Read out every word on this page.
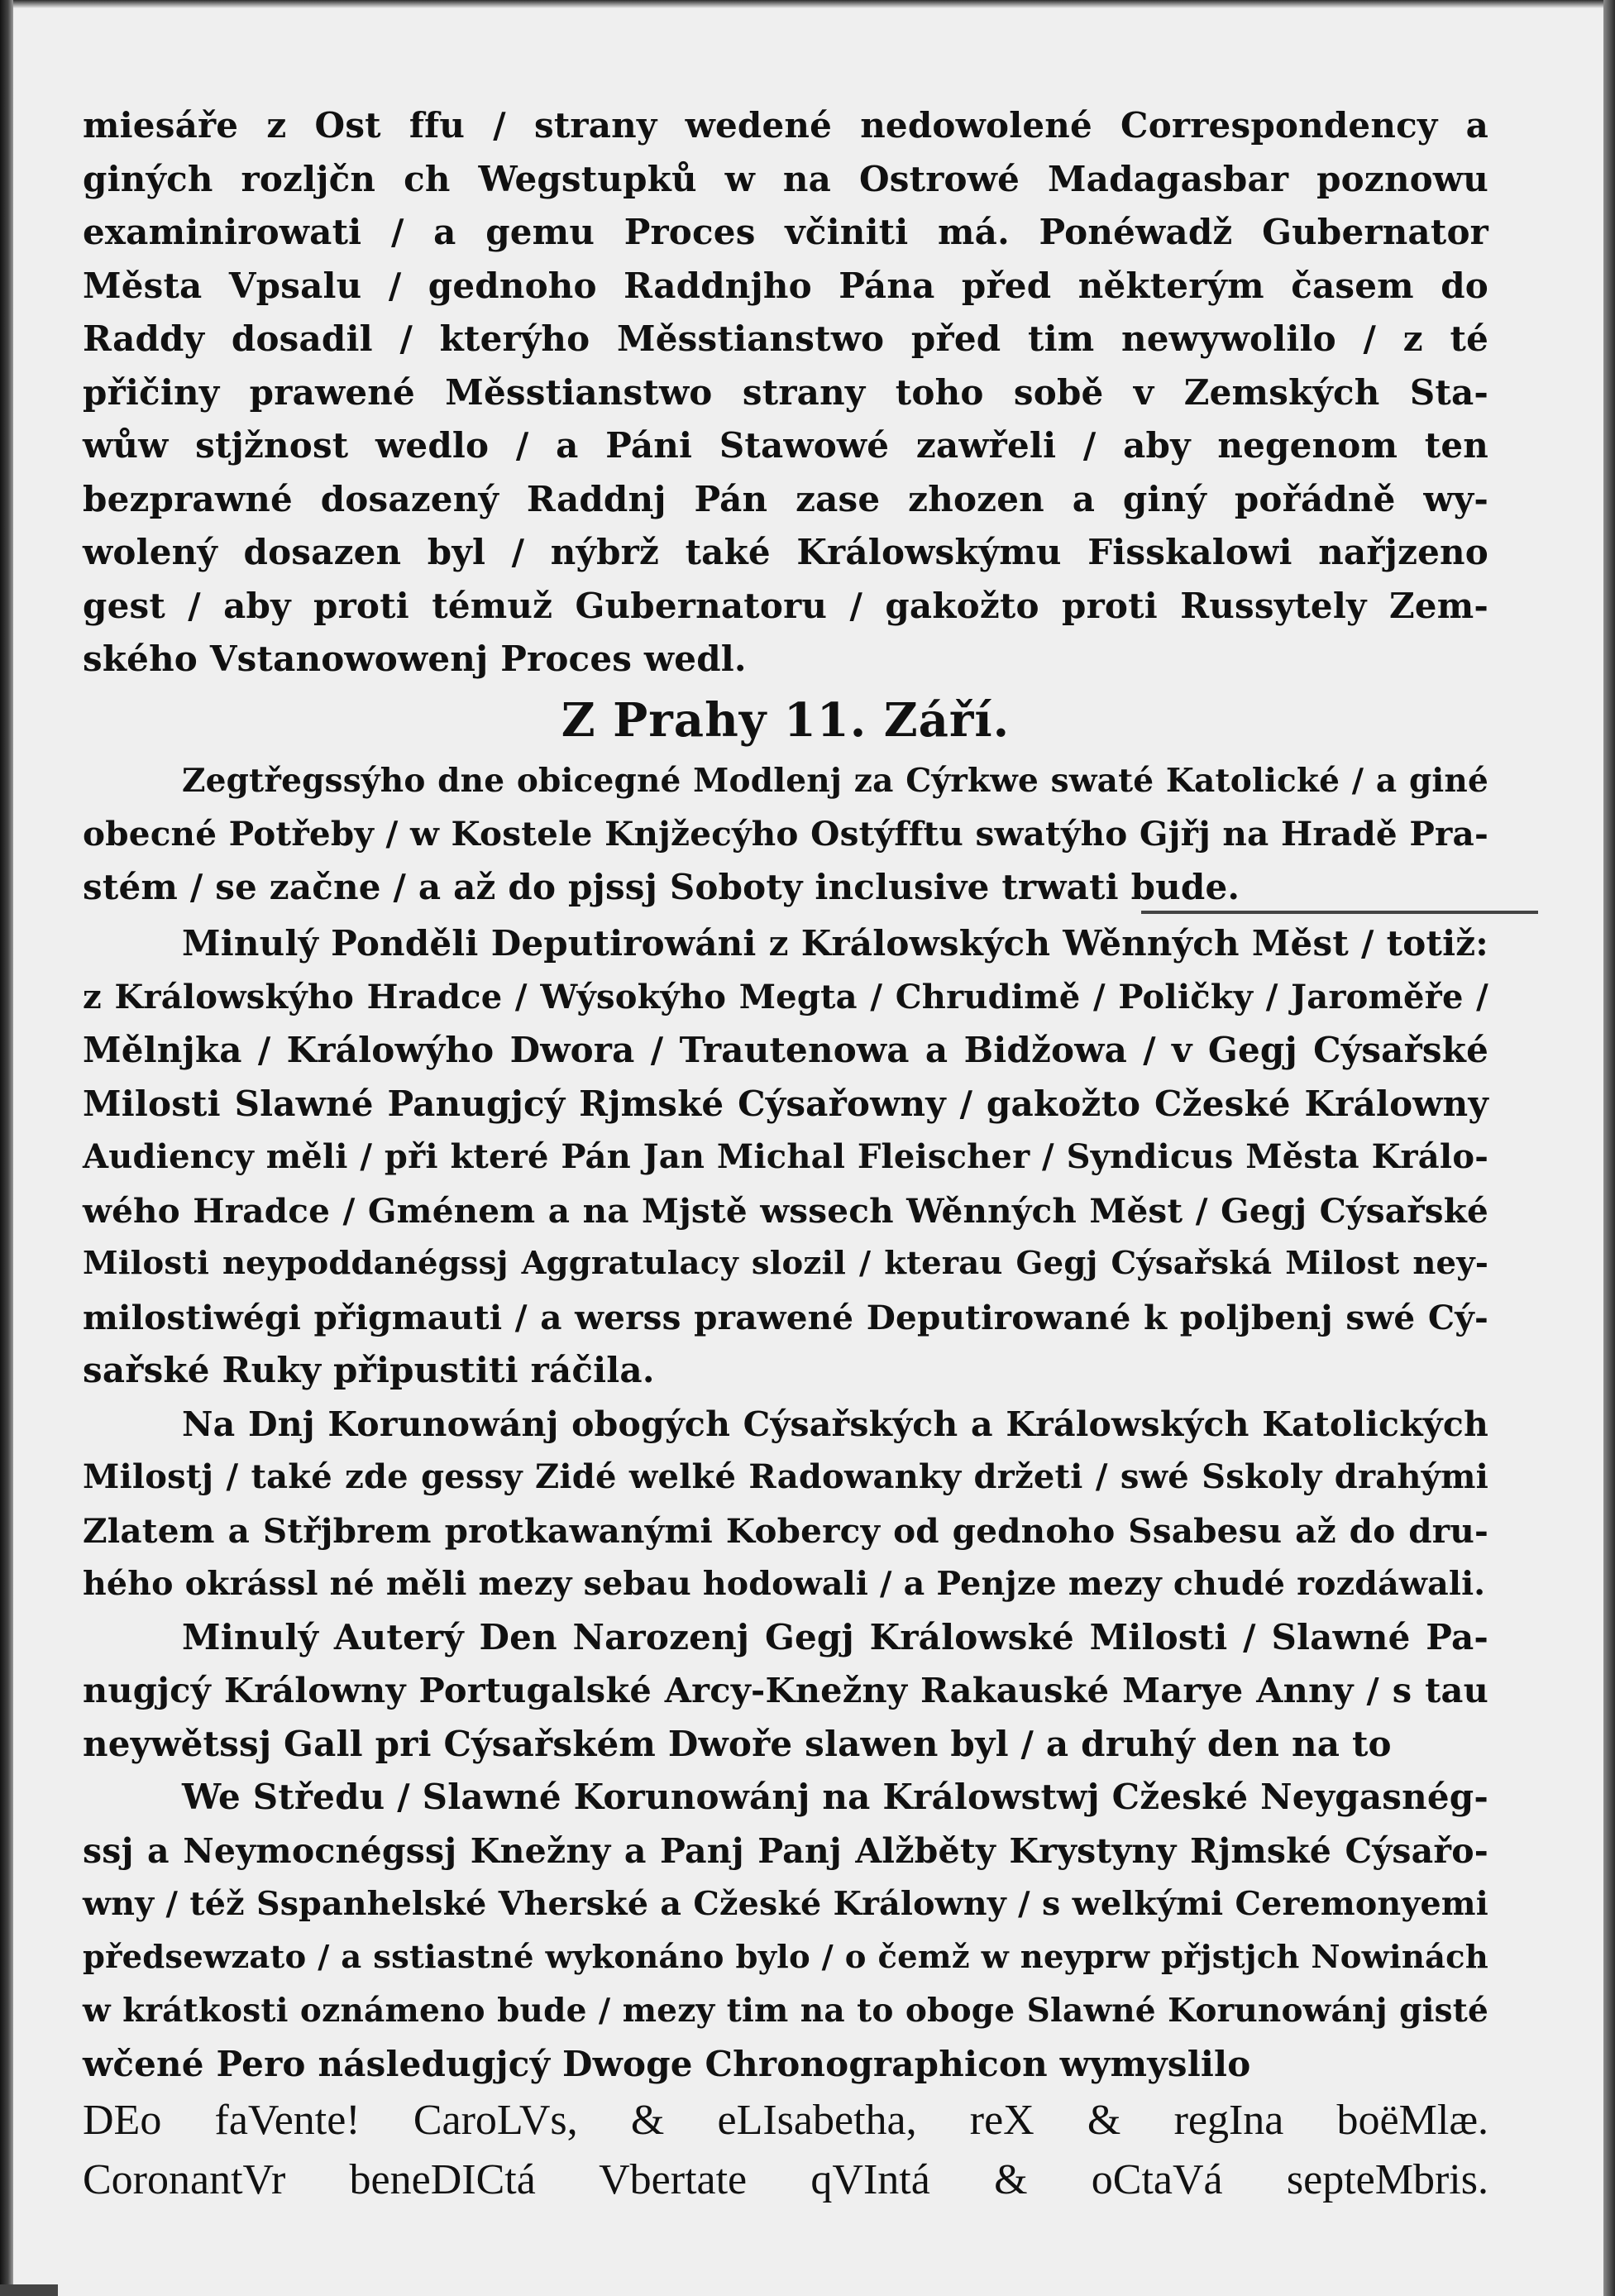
miesáře z Ost ffu / strany wedené nedowolené Correspondency a
giných rozljčn ch Wegstupků w na Ostrowé Madagasbar poznowu
examinirowati / a gemu Proces včiniti má. Ponéwadž Gubernator
Města Vpsalu / gednoho Raddnjho Pána před některým časem do
Raddy dosadil / kterýho Měsstianstwo před tim newywolilo / z té
přičiny prawené Měsstianstwo strany toho sobě v Zemských Sta-
wůw stjžnost wedlo / a Páni Stawowé zawřeli / aby negenom ten
bezprawné dosazený Raddnj Pán zase zhozen a giný pořádně wy-
wolený dosazen byl / nýbrž také Králowskýmu Fisskalowi nařjzeno
gest / aby proti témuž Gubernatoru / gakožto proti Russytely Zem-
ského Vstanowowenj Proces wedl.
Z Prahy 11. Září.
Zegtřegssýho dne obicegné Modlenj za Cýrkwe swaté Katolické / a giné
obecné Potřeby / w Kostele Knjžecýho Ostýfftu swatýho Gjřj na Hradě Pra-
stém / se začne / a až do pjssj Soboty inclusive trwati bude.
Minulý Ponděli Deputirowáni z Králowských Wěnných Měst / totiž:
z Králowskýho Hradce / Wýsokýho Megta / Chrudimě / Poličky / Jaroměře /
Mělnjka / Králowýho Dwora / Trautenowa a Bidžowa / v Gegj Cýsařské
Milosti Slawné Panugjcý Rjmské Cýsařowny / gakožto Cžeské Králowny
Audiency měli / při které Pán Jan Michal Fleischer / Syndicus Města Králo-
wého Hradce / Gménem a na Mjstě wssech Wěnných Měst / Gegj Cýsařské
Milosti neypoddanégssj Aggratulacy slozil / kterau Gegj Cýsařská Milost ney-
milostiwégi přigmauti / a werss prawené Deputirowané k poljbenj swé Cý-
sařské Ruky připustiti ráčila.
Na Dnj Korunowánj obogých Cýsařských a Králowských Katolických
Milostj / také zde gessy Zidé welké Radowanky držeti / swé Sskoly drahými
Zlatem a Střjbrem protkawanými Kobercy od gednoho Ssabesu až do dru-
hého okrássl né měli mezy sebau hodowali / a Penjze mezy chudé rozdáwali.
Minulý Auterý Den Narozenj Gegj Králowské Milosti / Slawné Pa-
nugjcý Králowny Portugalské Arcy-Knežny Rakauské Marye Anny / s tau
neywětssj Gall pri Cýsařském Dwoře slawen byl / a druhý den na to
We Středu / Slawné Korunowánj na Králowstwj Cžeské Neygasnég-
ssj a Neymocnégssj Knežny a Panj Panj Alžběty Krystyny Rjmské Cýsařo-
wny / též Sspanhelské Vherské a Cžeské Králowny / s welkými Ceremonyemi
předsewzato / a sstiastné wykonáno bylo / o čemž w neyprw přjstjch Nowinách
w krátkosti oznámeno bude / mezy tim na to oboge Slawné Korunowánj gisté
wčené Pero následugjcý Dwoge Chronographicon wymyslilo
DEo faVente! CaroLVs, & eLIsabetha, reX & regIna boëMlæ.
CoronantVr beneDICtá Vbertate qVIntá & oCtaVá septeMbris.
